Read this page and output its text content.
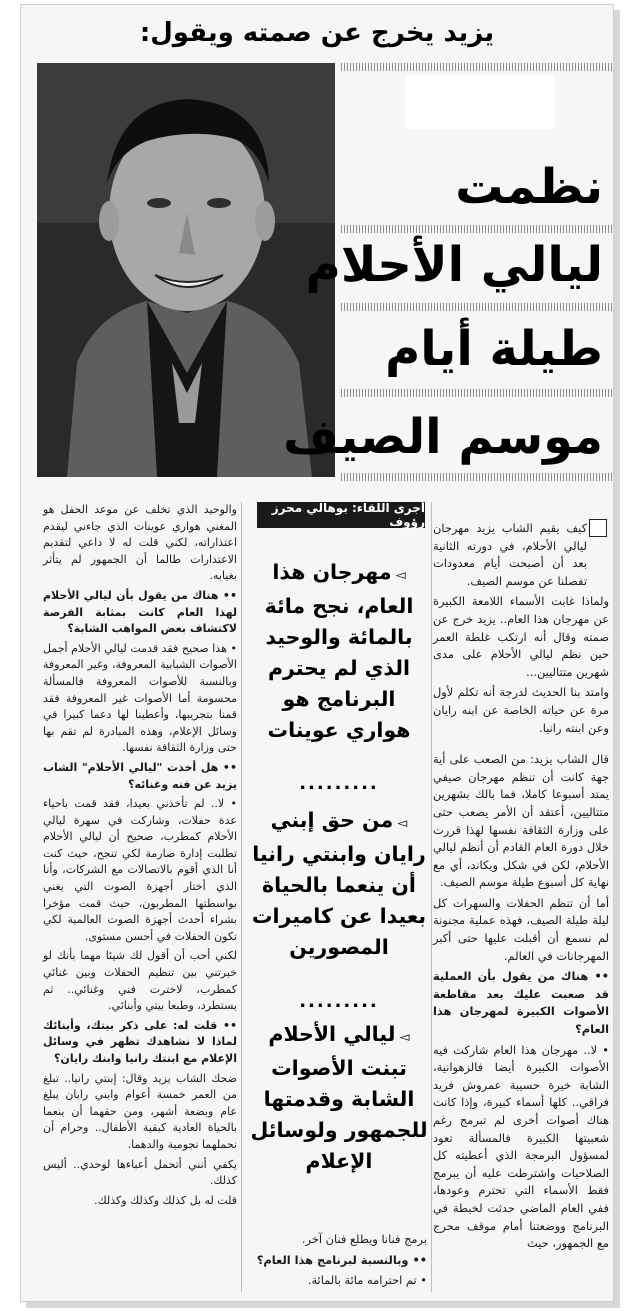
يزيد يخرج عن صمته ويقول:
نظمت
ليالي الأحلام
طيلة أيام
موسم الصيف

كيف يقيم الشاب يزيد مهرجان ليالي الأحلام، في دورته الثانية بعد أن أصبحت أيام معدودات تفصلنا عن موسم الصيف.

ولماذا غابت الأسماء اللامعة الكبيرة عن مهرجان هذا العام.. يزيد خرج عن صمته وقال أنه ارتكب غلطة العمر حين نظم ليالي الأحلام على مدى شهرين متتاليين...

وامتد بنا الحديث لدرجة أنه تكلم لأول مرة عن حياته الخاصة عن ابنه رايان وعن ابنته رانيا.

قال الشاب يزيد: من الصعب على أية جهة كانت أن تنظم مهرجان صيفي يمتد أسبوعا كاملا، فما بالك بشهرين متتاليين، أعتقد أن الأمر يصعب حتى على وزارة الثقافة نفسها لهذا قررت خلال دورة العام القادم أن أنظم ليالي الأحلام، لكن في شكل ويكاند، أي مع نهاية كل أسبوع طيلة موسم الصيف.

أما أن تنظم الحفلات والسهرات كل ليلة طيلة الصيف، فهذه عملية مجنونة لم نسمع أن أقبلت عليها حتى أكبر المهرجانات في العالم.

•• هناك من يقول بأن العملية قد صعبت عليك بعد مقاطعة الأصوات الكبيرة لمهرجان هذا العام؟

• لا.. مهرجان هذا العام شاركت فيه الأصوات الكبيرة أيضا فالزهوانية، الشابة خيرة حسيبة عمروش فريد فراقي.. كلها أسماء كبيرة، وإذا كانت هناك أصوات أخرى لم تبرمج رغم شعبيتها الكبيرة فالمسألة تعود لمسؤول البرمجة الذي أعطيته كل الصلاحيات واشترطت عليه أن يبرمج فقط الأسماء التي تحترم وعودها، ففي العام الماضي حدثت لخبطة في البرنامج ووضعتنا أمام موقف محرج مع الجمهور، حيث

أجرى اللقاء: بوهالي محرز رؤوف
◅ مهرجان هذا العام، نجح مائة بالمائة والوحيد الذي لم يحترم البرنامج هو هواري عوينات
.........
◅ من حق إبني رايان وابنتي رانيا أن ينعما بالحياة بعيدا عن كاميرات المصورين
.........
◅ ليالي الأحلام تبنت الأصوات الشابة وقدمتها للجمهور ولوسائل الإعلام

برمج فنانا ويطلع فنان آخر.

•• وبالنسبة لبرنامج هذا العام؟

• تم احترامه مائة بالمائة.

والوحيد الذي تخلف عن موعد الحفل هو المغني هواري عوينات الذي جاءني ليقدم اعتذاراته، لكني قلت له لا داعي لتقديم الاعتذارات طالما أن الجمهور لم يتأثر بغيابه.

•• هناك من يقول بأن ليالي الأحلام لهذا العام كانت بمثابة الفرصة لاكتشاف بعض المواهب الشابة؟

• هذا صحيح فقد قدمت ليالي الأحلام أجمل الأصوات الشبابية المعروفة، وغير المعروفة وبالنسبة للأصوات المعروفة فالمسألة محسومة أما الأصوات غير المعروفة فقد قمنا بتجريبها، وأعطينا لها دعما كبيرا في وسائل الإعلام، وهذه المبادرة لم تقم بها حتى وزارة الثقافة نفسها.

•• هل أخذت "ليالي الأحلام" الشاب يزيد عن فنه وغنائه؟

• لا.. لم تأخذني بعيدا، فقد قمت باحياء عدة حفلات، وشاركت في سهرة ليالي الأحلام كمطرب، صحيح أن ليالي الأحلام تطلبت إدارة صارمة لكي تنجح، حيث كنت أنا الذي أقوم بالاتصالات مع الشركات، وأنا الذي أختار أجهزة الصوت التي يغني بواسطتها المطربون، حيث قمت مؤخرا بشراء أحدث أجهزة الصوت العالمية لكي تكون الحفلات في أحسن مستوى.

لكني أحب أن أقول لك شيئا مهما بأنك لو خيرتني بين تنظيم الحفلات وبين غنائي كمطرب، لاخترت فني وغنائي.. ثم يستطرد، وطبعا بيتي وأبنائي.

•• قلت له: على ذكر بيتك، وأبنائك لماذا لا نشاهدك تظهر في وسائل الإعلام مع ابنتك رانيا وابنك رايان؟

ضحك الشاب يزيد وقال: إبنتي رانيا.. تبلغ من العمر خمسة أعوام وابني رايان يبلغ عام وبضعة أشهر، ومن حقهما أن ينعما بالحياة العادية كبقية الأطفال.. وحرام أن نحملهما نجومية والدهما.

يكفي أنني أتحمل أعباءها لوحدي.. أليس كذلك.

قلت له بل كذلك وكذلك وكذلك.
